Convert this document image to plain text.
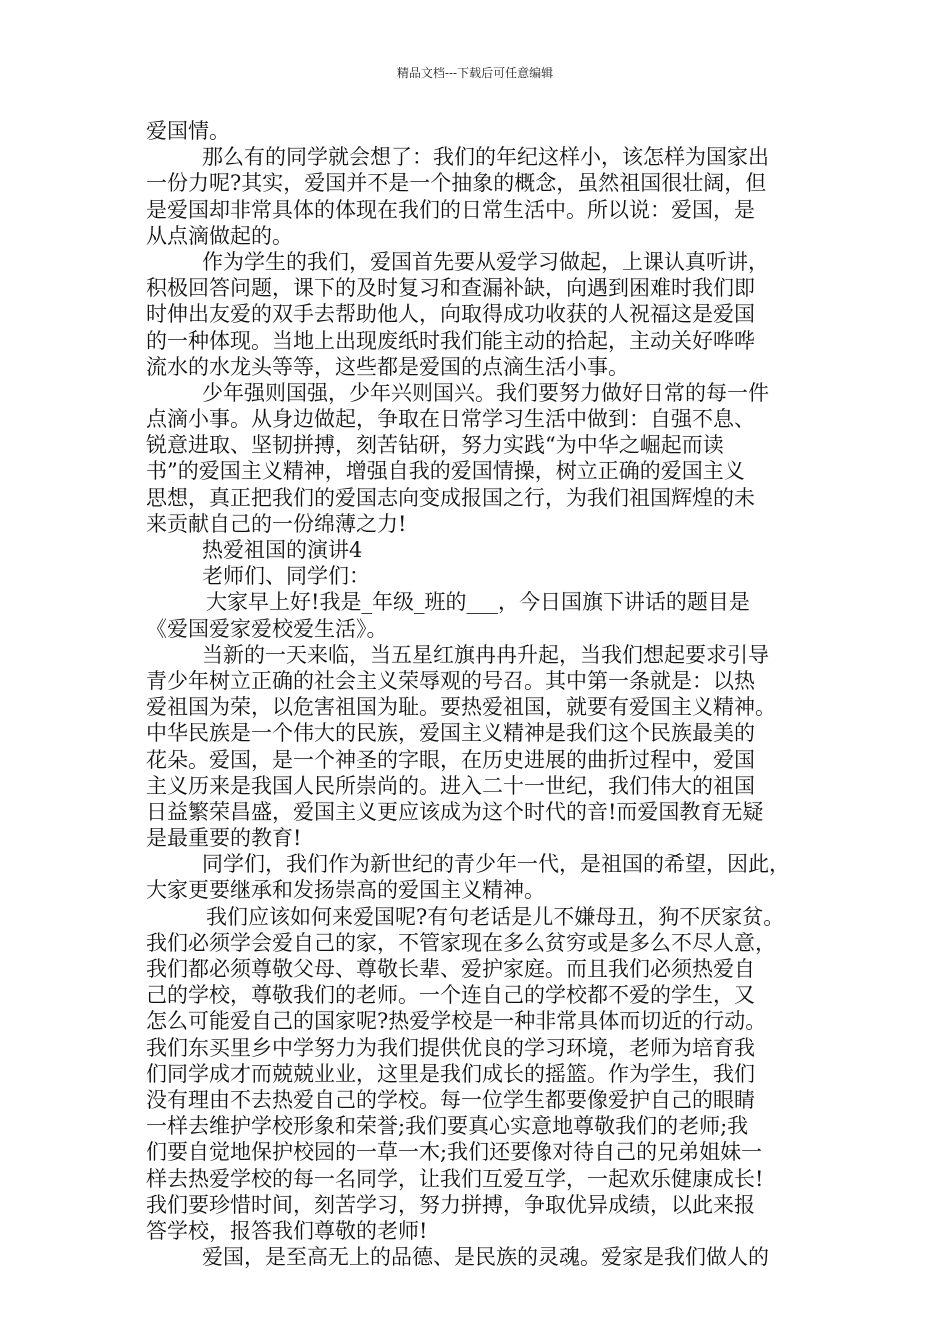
精品文档---下载后可任意编辑
爱国情。
那么有的同学就会想了：我们的年纪这样小，该怎样为国家出
一份力呢?其实，爱国并不是一个抽象的概念，虽然祖国很壮阔，但
是爱国却非常具体的体现在我们的日常生活中。所以说：爱国，是
从点滴做起的。
作为学生的我们，爱国首先要从爱学习做起，上课认真听讲，
积极回答问题，课下的及时复习和查漏补缺，向遇到困难时我们即
时伸出友爱的双手去帮助他人，向取得成功收获的人祝福这是爱国
的一种体现。当地上出现废纸时我们能主动的拾起，主动关好哗哗
流水的水龙头等等，这些都是爱国的点滴生活小事。
少年强则国强，少年兴则国兴。我们要努力做好日常的每一件
点滴小事。从身边做起，争取在日常学习生活中做到：自强不息、
锐意进取、坚韧拼搏，刻苦钻研，努力实践“为中华之崛起而读
书”的爱国主义精神，增强自我的爱国情操，树立正确的爱国主义
思想，真正把我们的爱国志向变成报国之行，为我们祖国辉煌的未
来贡献自己的一份绵薄之力!
热爱祖国的演讲4
老师们、同学们：
大家早上好!我是_年级_班的___，今日国旗下讲话的题目是
《爱国爱家爱校爱生活》。
当新的一天来临，当五星红旗冉冉升起，当我们想起要求引导
青少年树立正确的社会主义荣辱观的号召。其中第一条就是：以热
爱祖国为荣，以危害祖国为耻。要热爱祖国，就要有爱国主义精神。
中华民族是一个伟大的民族，爱国主义精神是我们这个民族最美的
花朵。爱国，是一个神圣的字眼，在历史进展的曲折过程中，爱国
主义历来是我国人民所崇尚的。进入二十一世纪，我们伟大的祖国
日益繁荣昌盛，爱国主义更应该成为这个时代的音!而爱国教育无疑
是最重要的教育!
同学们，我们作为新世纪的青少年一代，是祖国的希望，因此，
大家更要继承和发扬崇高的爱国主义精神。
我们应该如何来爱国呢?有句老话是儿不嫌母丑，狗不厌家贫。
我们必须学会爱自己的家，不管家现在多么贫穷或是多么不尽人意，
我们都必须尊敬父母、尊敬长辈、爱护家庭。而且我们必须热爱自
己的学校，尊敬我们的老师。一个连自己的学校都不爱的学生，又
怎么可能爱自己的国家呢?热爱学校是一种非常具体而切近的行动。
我们东买里乡中学努力为我们提供优良的学习环境，老师为培育我
们同学成才而兢兢业业，这里是我们成长的摇篮。作为学生，我们
没有理由不去热爱自己的学校。每一位学生都要像爱护自己的眼睛
一样去维护学校形象和荣誉;我们要真心实意地尊敬我们的老师;我
们要自觉地保护校园的一草一木;我们还要像对待自己的兄弟姐妹一
样去热爱学校的每一名同学，让我们互爱互学，一起欢乐健康成长!
我们要珍惜时间，刻苦学习，努力拼搏，争取优异成绩，以此来报
答学校，报答我们尊敬的老师!
爱国，是至高无上的品德、是民族的灵魂。爱家是我们做人的
